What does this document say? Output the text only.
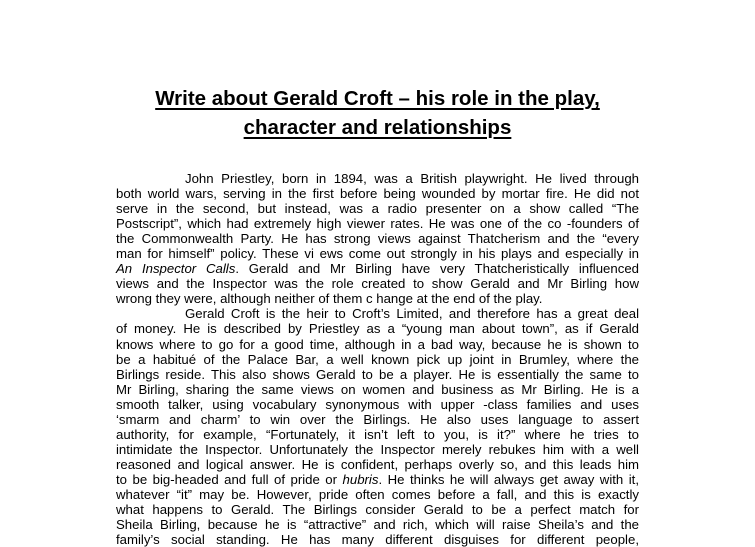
Write about Gerald Croft – his role in the play,
character and relationships
John Priestley, born in 1894, was a British playwright. He lived through
both world wars, serving in the first before being wounded by mortar fire. He did not
serve in the second, but instead, was a radio presenter on a show called “The
Postscript”, which had extremely high viewer rates. He was one of the co -founders of
the Commonwealth Party. He has strong views against Thatcherism and the “every
man for himself” policy. These vi ews come out strongly in his plays and especially in
An Inspector Calls. Gerald and Mr Birling have very Thatcheristically influenced
views and the Inspector was the role created to show Gerald and Mr Birling how
wrong they were, although neither of them c hange at the end of the play.
Gerald Croft is the heir to Croft’s Limited, and therefore has a great deal
of money. He is described by Priestley as a “young man about town”, as if Gerald
knows where to go for a good time, although in a bad way, because he is shown to
be a habitué of the Palace Bar, a well known pick up joint in Brumley, where the
Birlings reside. This also shows Gerald to be a player. He is essentially the same to
Mr Birling, sharing the same views on women and business as Mr Birling. He is a
smooth talker, using vocabulary synonymous with upper -class families and uses
‘smarm and charm’ to win over the Birlings. He also uses language to assert
authority, for example, “Fortunately, it isn’t left to you, is it?” where he tries to
intimidate the Inspector. Unfortunately the Inspector merely rebukes him with a well
reasoned and logical answer. He is confident, perhaps overly so, and this leads him
to be big-headed and full of pride or hubris. He thinks he will always get away with it,
whatever “it” may be. However, pride often comes before a fall, and this is exactly
what happens to Gerald. The Birlings consider Gerald to be a perfect match for
Sheila Birling, because he is “attractive” and rich, which will raise Sheila’s and the
family’s social standing. He has many different disguises for different people,
